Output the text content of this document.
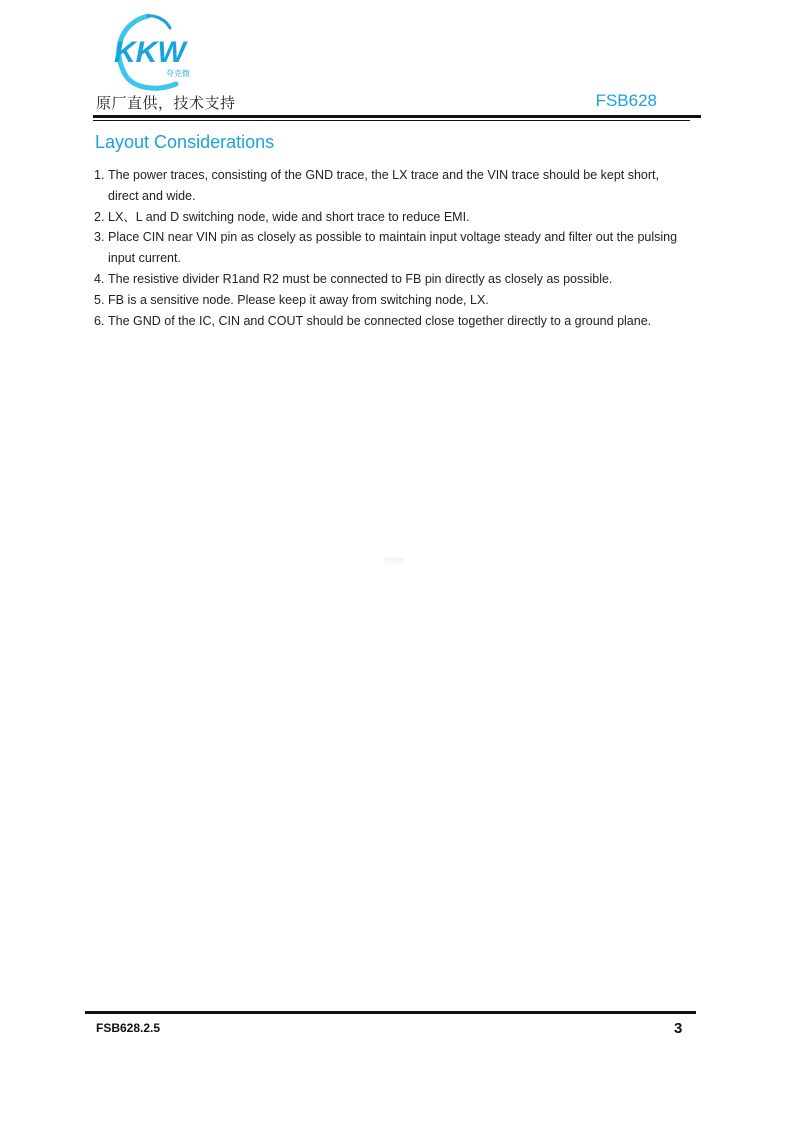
KKW
夸克微
原厂直供，技术支持	FSB628
Layout Considerations
1. The power traces, consisting of the GND trace, the LX trace and the VIN trace should be kept short, direct and wide.
2. LX、L and D switching node, wide and short trace to reduce EMI.
3. Place CIN near VIN pin as closely as possible to maintain input voltage steady and filter out the pulsing input current.
4. The resistive divider R1and R2 must be connected to FB pin directly as closely as possible.
5. FB is a sensitive node. Please keep it away from switching node, LX.
6. The GND of the IC, CIN and COUT should be connected close together directly to a ground plane.
夸克微
FSB628.2.5	3
